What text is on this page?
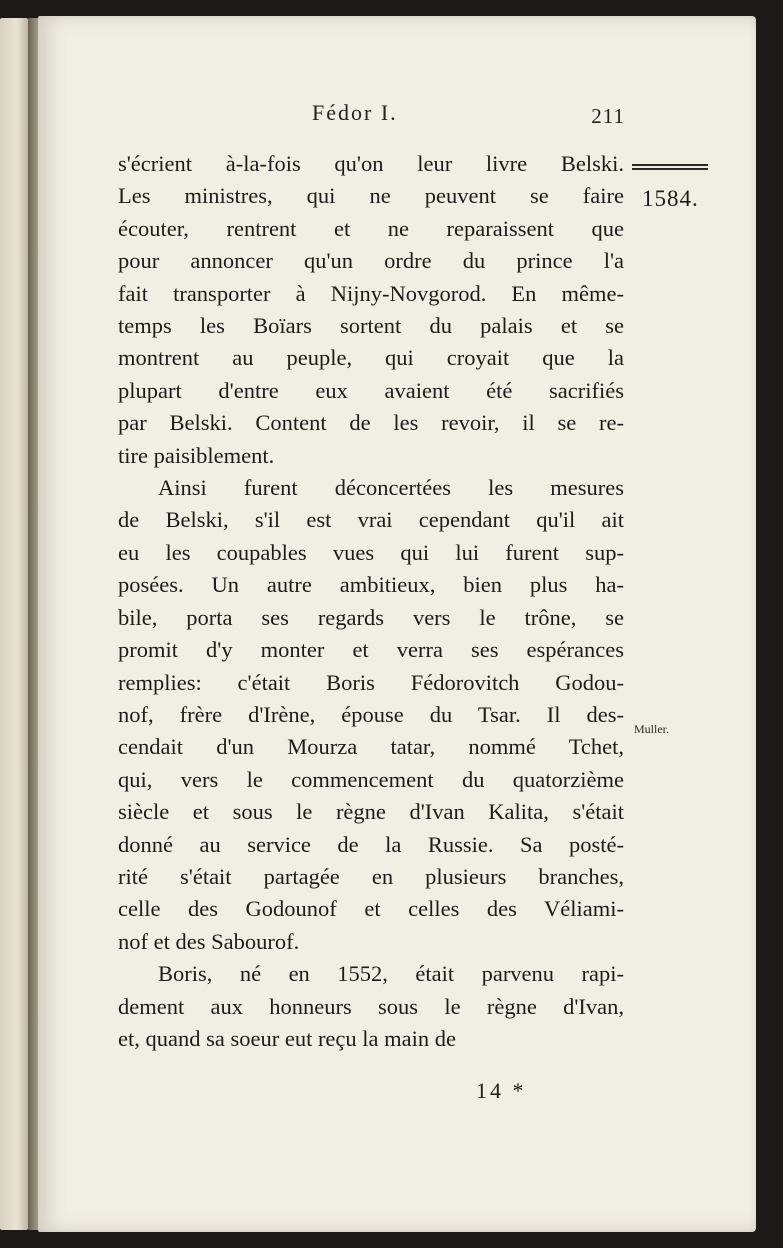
Fédor I.	211
1584.
Muller.
s'écrient à-la-fois qu'on leur livre Belski.
Les ministres, qui ne peuvent se faire
écouter, rentrent et ne reparaissent que
pour annoncer qu'un ordre du prince l'a
fait transporter à Nijny-Novgorod. En même-
temps les Boïars sortent du palais et se
montrent au peuple, qui croyait que la
plupart d'entre eux avaient été sacrifiés
par Belski. Content de les revoir, il se re-
tire paisiblement.
Ainsi furent déconcertées les mesures
de Belski, s'il est vrai cependant qu'il ait
eu les coupables vues qui lui furent sup-
posées. Un autre ambitieux, bien plus ha-
bile, porta ses regards vers le trône, se
promit d'y monter et verra ses espérances
remplies: c'était Boris Fédorovitch Godou-
nof, frère d'Irène, épouse du Tsar. Il des-
cendait d'un Mourza tatar, nommé Tchet,
qui, vers le commencement du quatorzième
siècle et sous le règne d'Ivan Kalita, s'était
donné au service de la Russie. Sa posté-
rité s'était partagée en plusieurs branches,
celle des Godounof et celles des Véliami-
nof et des Sabourof.
Boris, né en 1552, était parvenu rapi-
dement aux honneurs sous le règne d'Ivan,
et, quand sa soeur eut reçu la main de
14 *
